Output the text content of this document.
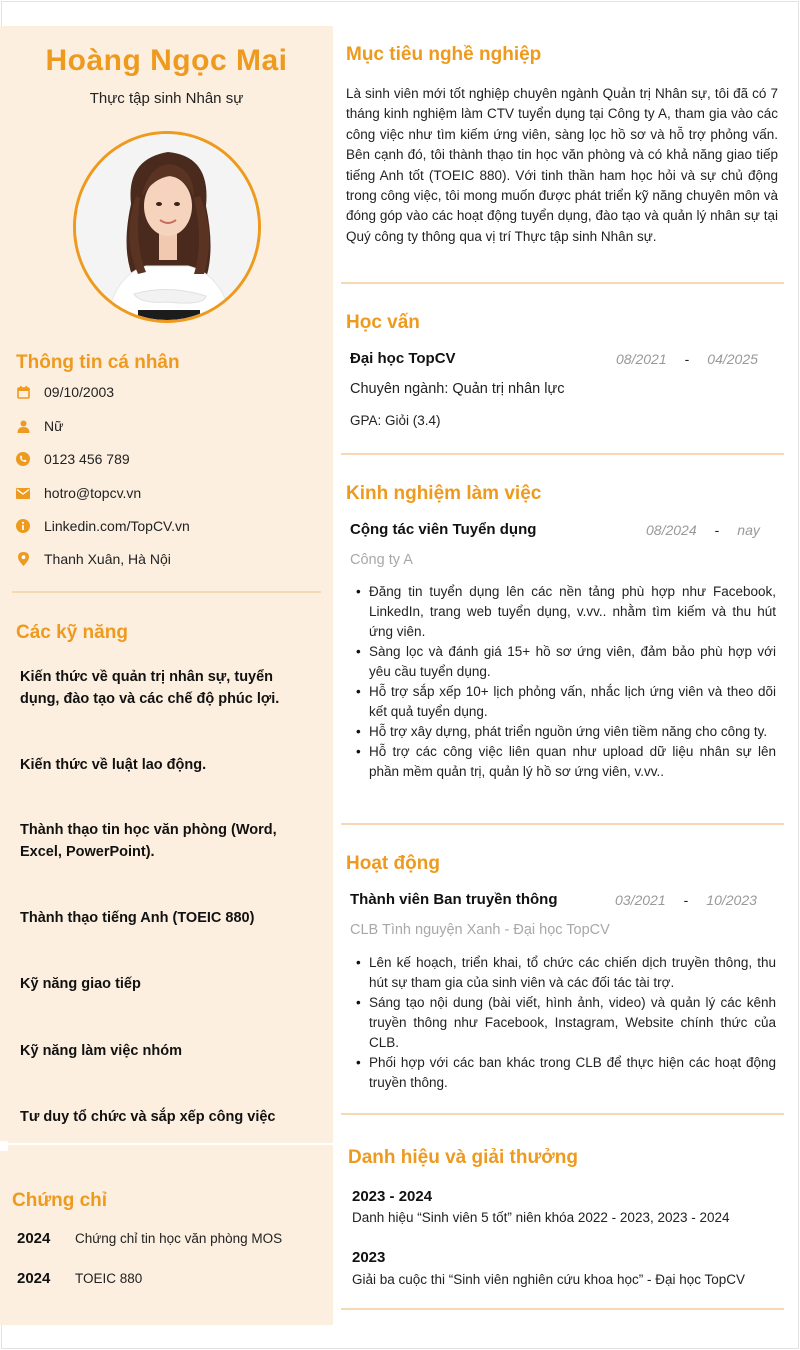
Hoàng Ngọc Mai
Thực tập sinh Nhân sự
Thông tin cá nhân
09/10/2003
Nữ
0123 456 789
hotro@topcv.vn
Linkedin.com/TopCV.vn
Thanh Xuân, Hà Nội
Các kỹ năng
Kiến thức về quản trị nhân sự, tuyển dụng, đào tạo và các chế độ phúc lợi.
Kiến thức về luật lao động.
Thành thạo tin học văn phòng (Word, Excel, PowerPoint).
Thành thạo tiếng Anh (TOEIC 880)
Kỹ năng giao tiếp
Kỹ năng làm việc nhóm
Tư duy tổ chức và sắp xếp công việc
Chứng chỉ
2024	Chứng chỉ tin học văn phòng MOS
2024	TOEIC 880
Mục tiêu nghề nghiệp
Là sinh viên mới tốt nghiệp chuyên ngành Quản trị Nhân sự, tôi đã có 7 tháng kinh nghiệm làm CTV tuyển dụng tại Công ty A, tham gia vào các công việc như tìm kiếm ứng viên, sàng lọc hồ sơ và hỗ trợ phỏng vấn. Bên cạnh đó, tôi thành thạo tin học văn phòng và có khả năng giao tiếp tiếng Anh tốt (TOEIC 880). Với tinh thần ham học hỏi và sự chủ động trong công việc, tôi mong muốn được phát triển kỹ năng chuyên môn và đóng góp vào các hoạt động tuyển dụng, đào tạo và quản lý nhân sự tại Quý công ty thông qua vị trí Thực tập sinh Nhân sự.
Học vấn
Đại học TopCV	08/2021 - 04/2025
Chuyên ngành: Quản trị nhân lực
GPA: Giỏi (3.4)
Kinh nghiệm làm việc
Cộng tác viên Tuyển dụng	08/2024 - nay
Công ty A
• Đăng tin tuyển dụng lên các nền tảng phù hợp như Facebook, LinkedIn, trang web tuyển dụng, v.vv.. nhằm tìm kiếm và thu hút ứng viên.
• Sàng lọc và đánh giá 15+ hồ sơ ứng viên, đảm bảo phù hợp với yêu cầu tuyển dụng.
• Hỗ trợ sắp xếp 10+ lịch phỏng vấn, nhắc lịch ứng viên và theo dõi kết quả tuyển dụng.
• Hỗ trợ xây dựng, phát triển nguồn ứng viên tiềm năng cho công ty.
• Hỗ trợ các công việc liên quan như upload dữ liệu nhân sự lên phần mềm quản trị, quản lý hồ sơ ứng viên, v.vv..
Hoạt động
Thành viên Ban truyền thông	03/2021 - 10/2023
CLB Tình nguyện Xanh - Đại học TopCV
• Lên kế hoạch, triển khai, tổ chức các chiến dịch truyền thông, thu hút sự tham gia của sinh viên và các đối tác tài trợ.
• Sáng tạo nội dung (bài viết, hình ảnh, video) và quản lý các kênh truyền thông như Facebook, Instagram, Website chính thức của CLB.
• Phối hợp với các ban khác trong CLB để thực hiện các hoạt động truyền thông.
Danh hiệu và giải thưởng
2023 - 2024
Danh hiệu “Sinh viên 5 tốt” niên khóa 2022 - 2023, 2023 - 2024
2023
Giải ba cuộc thi “Sinh viên nghiên cứu khoa học” - Đại học TopCV
